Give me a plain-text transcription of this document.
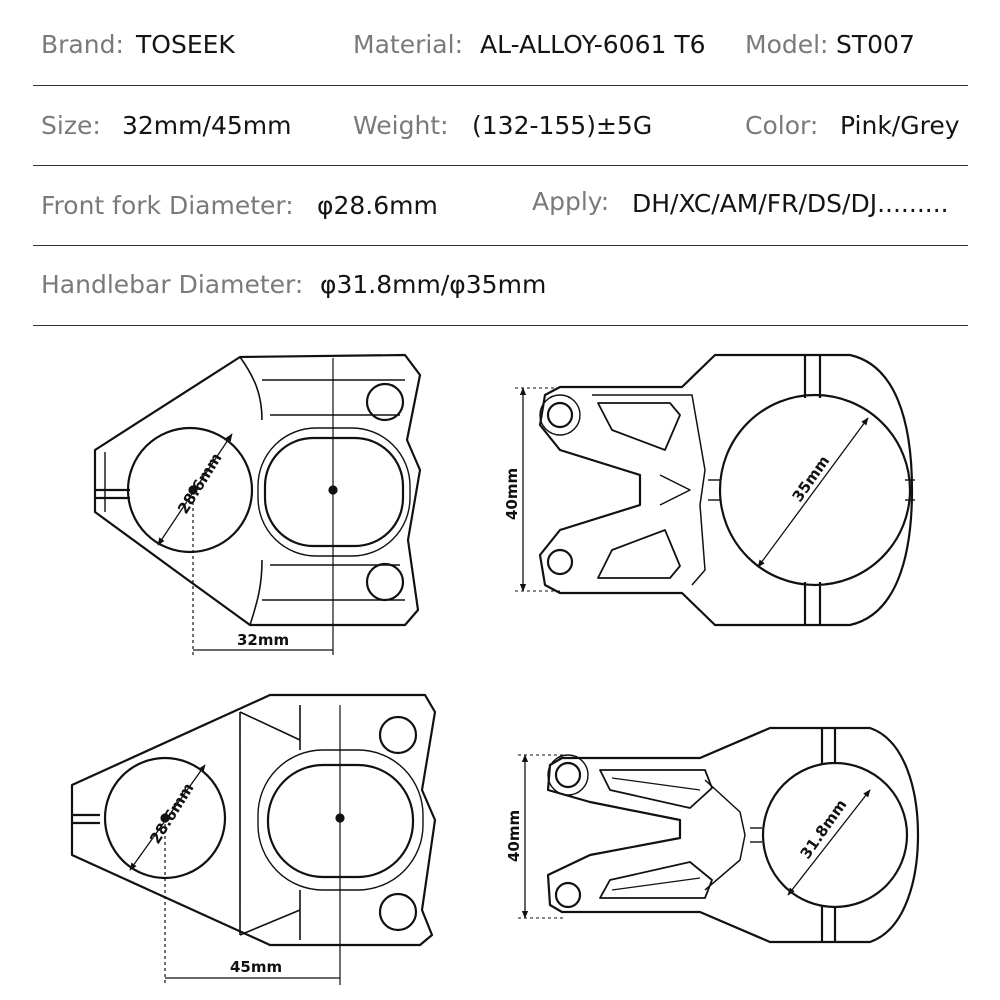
Brand: TOSEEK	Material: AL-ALLOY-6061 T6 Model: ST007
Size: 32mm/45mm Weight: (132-155)±5G	Color: Pink/Grey
Front fork Diameter: φ28.6mm	Apply: DH/XC/AM/FR/DS/DJ.........
Handlebar Diameter: φ31.8mm/φ35mm
28.6mm
32mm
40mm	35mm
28.6mm
45mm
40mm	31.8mm
